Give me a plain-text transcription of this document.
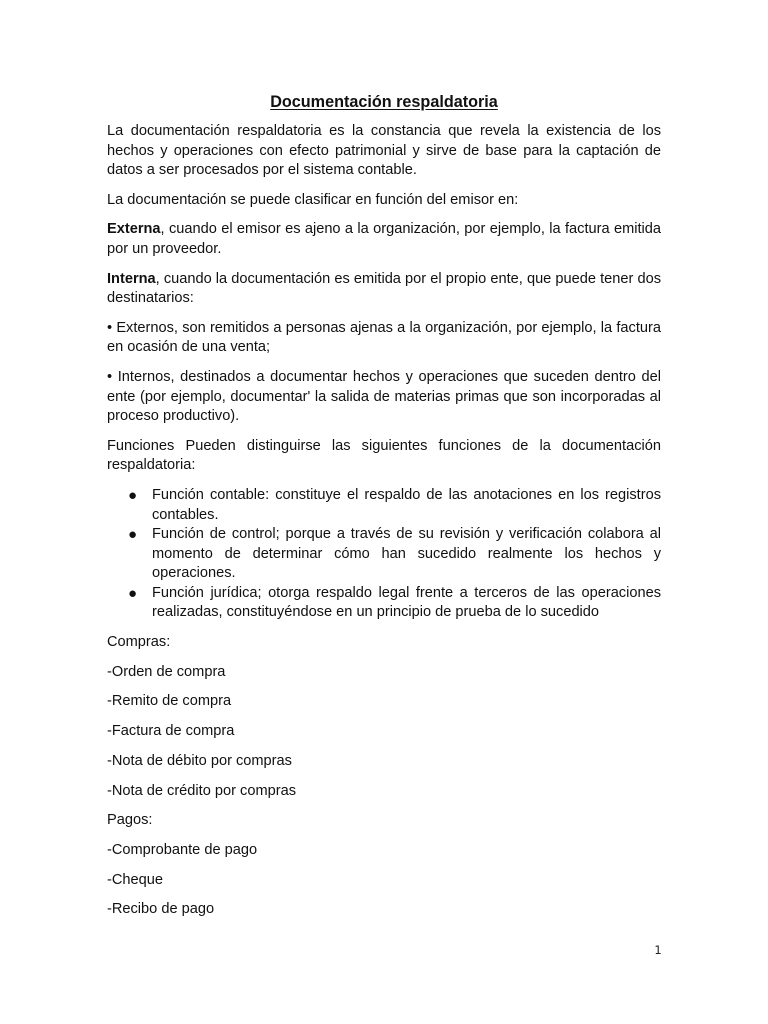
Documentación respaldatoria

La documentación respaldatoria es la constancia que revela la existencia de los hechos y operaciones con efecto patrimonial y sirve de base para la captación de datos a ser procesados por el sistema contable.

La documentación se puede clasificar en función del emisor en:

Externa, cuando el emisor es ajeno a la organización, por ejemplo, la factura emitida por un proveedor.

Interna, cuando la documentación es emitida por el propio ente, que puede tener dos destinatarios:

• Externos, son remitidos a personas ajenas a la organización, por ejemplo, la factura en ocasión de una venta;

• Internos, destinados a documentar hechos y operaciones que suceden dentro del ente (por ejemplo, documentar' la salida de materias primas que son incorporadas al proceso productivo).

Funciones Pueden distinguirse las siguientes funciones de la documentación respaldatoria:

● Función contable: constituye el respaldo de las anotaciones en los registros contables.
● Función de control; porque a través de su revisión y verificación colabora al momento de determinar cómo han sucedido realmente los hechos y operaciones.
● Función jurídica; otorga respaldo legal frente a terceros de las operaciones realizadas, constituyéndose en un principio de prueba de lo sucedido
Compras:
-Orden de compra
-Remito de compra
-Factura de compra
-Nota de débito por compras
-Nota de crédito por compras
Pagos:
-Comprobante de pago
-Cheque
-Recibo de pago
1
